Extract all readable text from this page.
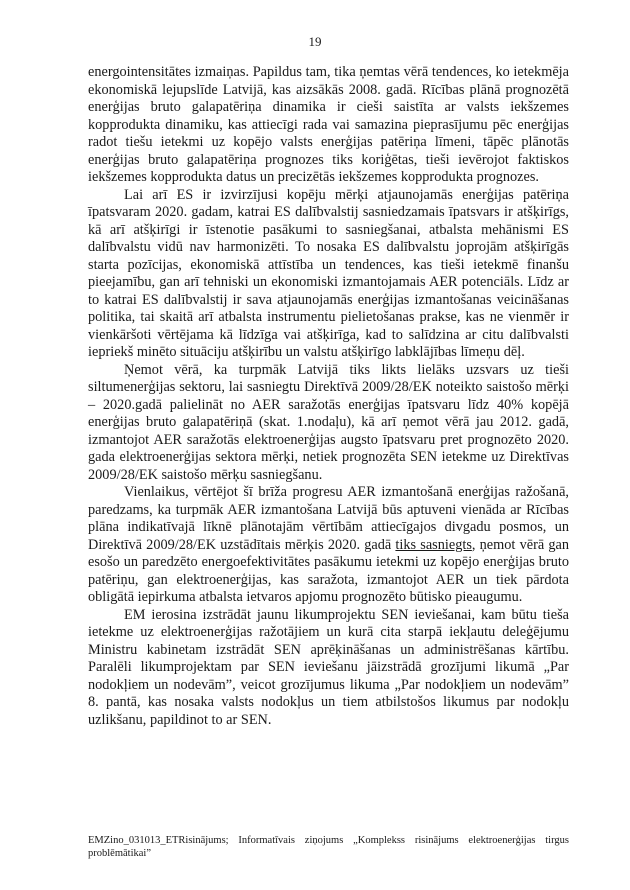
19

energointensitātes izmaiņas. Papildus tam, tika ņemtas vērā tendences, ko ietekmēja ekonomiskā lejupslīde Latvijā, kas aizsākās 2008. gadā. Rīcības plānā prognozētā enerģijas bruto galapatēriņa dinamika ir cieši saistīta ar valsts iekšzemes kopprodukta dinamiku, kas attiecīgi rada vai samazina pieprasījumu pēc enerģijas radot tiešu ietekmi uz kopējo valsts enerģijas patēriņa līmeni, tāpēc plānotās enerģijas bruto galapatēriņa prognozes tiks koriģētas, tieši ievērojot faktiskos iekšzemes kopprodukta datus un precizētās iekšzemes kopprodukta prognozes.

Lai arī ES ir izvirzījusi kopēju mērķi atjaunojamās enerģijas patēriņa īpatsvaram 2020. gadam, katrai ES dalībvalstij sasniedzamais īpatsvars ir atšķirīgs, kā arī atšķirīgi ir īstenotie pasākumi to sasniegšanai, atbalsta mehānismi ES dalībvalstu vidū nav harmonizēti. To nosaka ES dalībvalstu joprojām atšķirīgās starta pozīcijas, ekonomiskā attīstība un tendences, kas tieši ietekmē finanšu pieejamību, gan arī tehniski un ekonomiski izmantojamais AER potenciāls. Līdz ar to katrai ES dalībvalstij ir sava atjaunojamās enerģijas izmantošanas veicināšanas politika, tai skaitā arī atbalsta instrumentu pielietošanas prakse, kas ne vienmēr ir vienkāršoti vērtējama kā līdzīga vai atšķirīga, kad to salīdzina ar citu dalībvalsti iepriekš minēto situāciju atšķirību un valstu atšķirīgo labklājības līmeņu dēļ.

Ņemot vērā, ka turpmāk Latvijā tiks likts lielāks uzsvars uz tieši siltumenerģijas sektoru, lai sasniegtu Direktīvā 2009/28/EK noteikto saistošo mērķi – 2020.gadā palielināt no AER saražotās enerģijas īpatsvaru līdz 40% kopējā enerģijas bruto galapatēriņā (skat. 1.nodaļu), kā arī ņemot vērā jau 2012. gadā, izmantojot AER saražotās elektroenerģijas augsto īpatsvaru pret prognozēto 2020. gada elektroenerģijas sektora mērķi, netiek prognozēta SEN ietekme uz Direktīvas 2009/28/EK saistošo mērķu sasniegšanu.

Vienlaikus, vērtējot šī brīža progresu AER izmantošanā enerģijas ražošanā, paredzams, ka turpmāk AER izmantošana Latvijā būs aptuveni vienāda ar Rīcības plāna indikatīvajā līknē plānotajām vērtībām attiecīgajos divgadu posmos, un Direktīvā 2009/28/EK uzstādītais mērķis 2020. gadā tiks sasniegts, ņemot vērā gan esošo un paredzēto energoefektivitātes pasākumu ietekmi uz kopējo enerģijas bruto patēriņu, gan elektroenerģijas, kas saražota, izmantojot AER un tiek pārdota obligātā iepirkuma atbalsta ietvaros apjomu prognozēto būtisko pieaugumu.

EM ierosina izstrādāt jaunu likumprojektu SEN ieviešanai, kam būtu tieša ietekme uz elektroenerģijas ražotājiem un kurā cita starpā iekļautu deleģējumu Ministru kabinetam izstrādāt SEN aprēķināšanas un administrēšanas kārtību. Paralēli likumprojektam par SEN ieviešanu jāizstrādā grozījumi likumā „Par nodokļiem un nodevām”, veicot grozījumus likuma „Par nodokļiem un nodevām” 8. pantā, kas nosaka valsts nodokļus un tiem atbilstošos likumus par nodokļu uzlikšanu, papildinot to ar SEN.

EMZino_031013_ETRisinājums; Informatīvais ziņojums „Komplekss risinājums elektroenerģijas tirgus problēmātikai”
